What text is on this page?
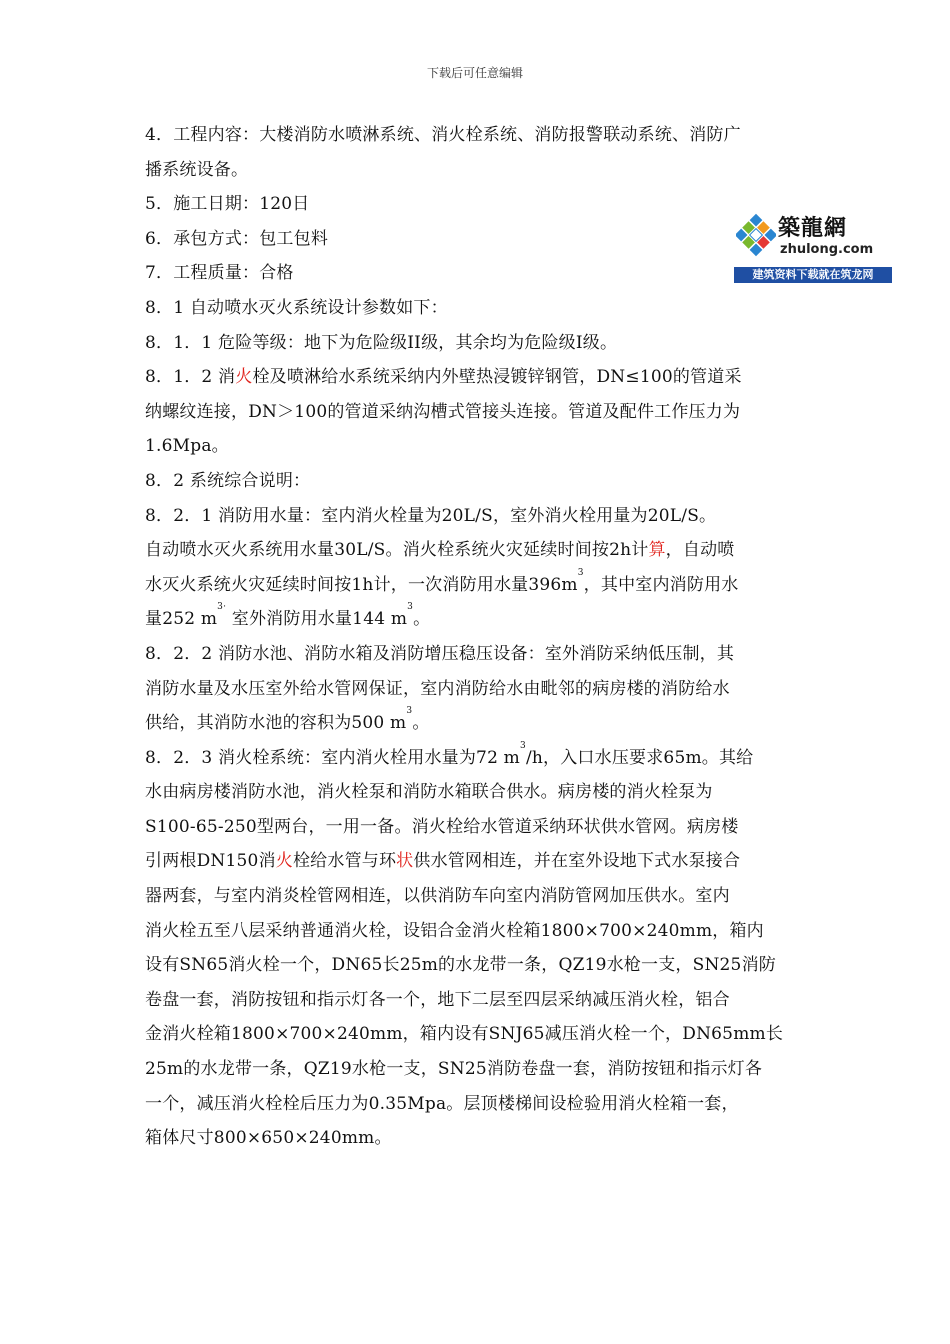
下载后可任意编辑
築龍網
zhulong.com
建筑资料下载就在筑龙网
4．工程内容：大楼消防水喷淋系统、消火栓系统、消防报警联动系统、消防广
播系统设备。
5．施工日期：120日
6．承包方式：包工包料
7．工程质量：合格
8．1 自动喷水灭火系统设计参数如下：
8．1．1 危险等级：地下为危险级II级，其余均为危险级Ⅰ级。
8．1．2 消火栓及喷淋给水系统采纳内外壁热浸镀锌钢管，DN≤100的管道采
纳螺纹连接，DN＞100的管道采纳沟槽式管接头连接。管道及配件工作压力为
1.6Mpa。
8．2 系统综合说明：
8．2．1 消防用水量：室内消火栓量为20L/S，室外消火栓用量为20L/S。
自动喷水灭火系统用水量30L/S。消火栓系统火灾延续时间按2h计算，自动喷
水灭火系统火灾延续时间按1h计，一次消防用水量$396m^3$，其中室内消防用水
量252 $m^{3\cdot}$ 室外消防用水量144 $m^3$。
8．2．2 消防水池、消防水箱及消防增压稳压设备：室外消防采纳低压制，其
消防水量及水压室外给水管网保证，室内消防给水由毗邻的病房楼的消防给水
供给，其消防水池的容积为500 $m^3$。
8．2．3 消火栓系统：室内消火栓用水量为72 $m^3/h$，入口水压要求65m。其给
水由病房楼消防水池，消火栓泵和消防水箱联合供水。病房楼的消火栓泵为
S100-65-250型两台，一用一备。消火栓给水管道采纳环状供水管网。病房楼
引两根DN150消火栓给水管与环状供水管网相连，并在室外设地下式水泵接合
器两套，与室内消炎栓管网相连，以供消防车向室内消防管网加压供水。室内
消火栓五至八层采纳普通消火栓，设铝合金消火栓箱1800×700×240mm，箱内
设有SN65消火栓一个，DN65长25m的水龙带一条，QZ19水枪一支，SN25消防
卷盘一套，消防按钮和指示灯各一个，地下二层至四层采纳减压消火栓，铝合
金消火栓箱1800×700×240mm，箱内设有SNJ65减压消火栓一个，DN65mm长
25m的水龙带一条，QZ19水枪一支，SN25消防卷盘一套，消防按钮和指示灯各
一个，减压消火栓栓后压力为0.35Mpa。层顶楼梯间设检验用消火栓箱一套，
箱体尺寸800×650×240mm。
